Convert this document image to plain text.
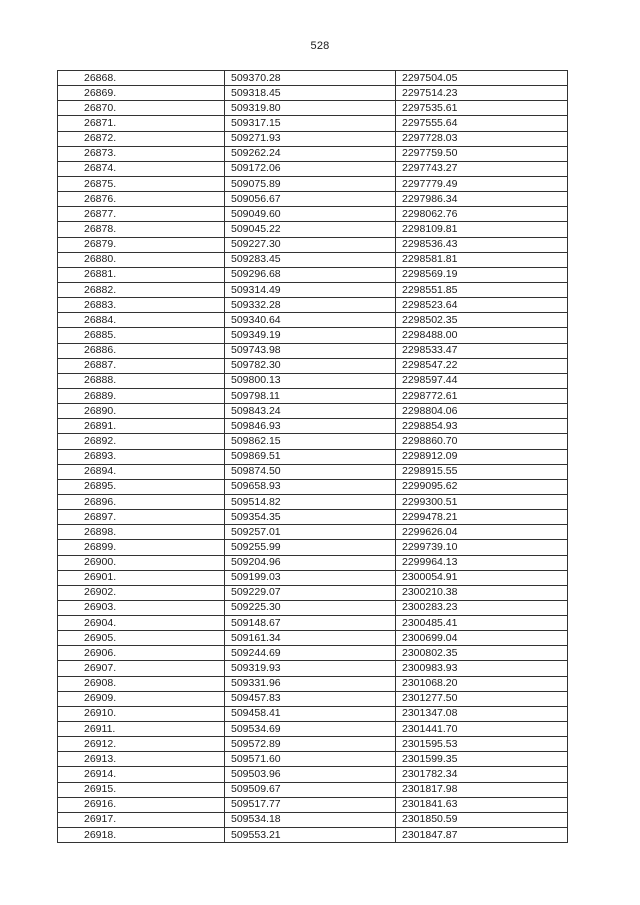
528
26868.	509370.28	2297504.05
26869.	509318.45	2297514.23
26870.	509319.80	2297535.61
26871.	509317.15	2297555.64
26872.	509271.93	2297728.03
26873.	509262.24	2297759.50
26874.	509172.06	2297743.27
26875.	509075.89	2297779.49
26876.	509056.67	2297986.34
26877.	509049.60	2298062.76
26878.	509045.22	2298109.81
26879.	509227.30	2298536.43
26880.	509283.45	2298581.81
26881.	509296.68	2298569.19
26882.	509314.49	2298551.85
26883.	509332.28	2298523.64
26884.	509340.64	2298502.35
26885.	509349.19	2298488.00
26886.	509743.98	2298533.47
26887.	509782.30	2298547.22
26888.	509800.13	2298597.44
26889.	509798.11	2298772.61
26890.	509843.24	2298804.06
26891.	509846.93	2298854.93
26892.	509862.15	2298860.70
26893.	509869.51	2298912.09
26894.	509874.50	2298915.55
26895.	509658.93	2299095.62
26896.	509514.82	2299300.51
26897.	509354.35	2299478.21
26898.	509257.01	2299626.04
26899.	509255.99	2299739.10
26900.	509204.96	2299964.13
26901.	509199.03	2300054.91
26902.	509229.07	2300210.38
26903.	509225.30	2300283.23
26904.	509148.67	2300485.41
26905.	509161.34	2300699.04
26906.	509244.69	2300802.35
26907.	509319.93	2300983.93
26908.	509331.96	2301068.20
26909.	509457.83	2301277.50
26910.	509458.41	2301347.08
26911.	509534.69	2301441.70
26912.	509572.89	2301595.53
26913.	509571.60	2301599.35
26914.	509503.96	2301782.34
26915.	509509.67	2301817.98
26916.	509517.77	2301841.63
26917.	509534.18	2301850.59
26918.	509553.21	2301847.87
